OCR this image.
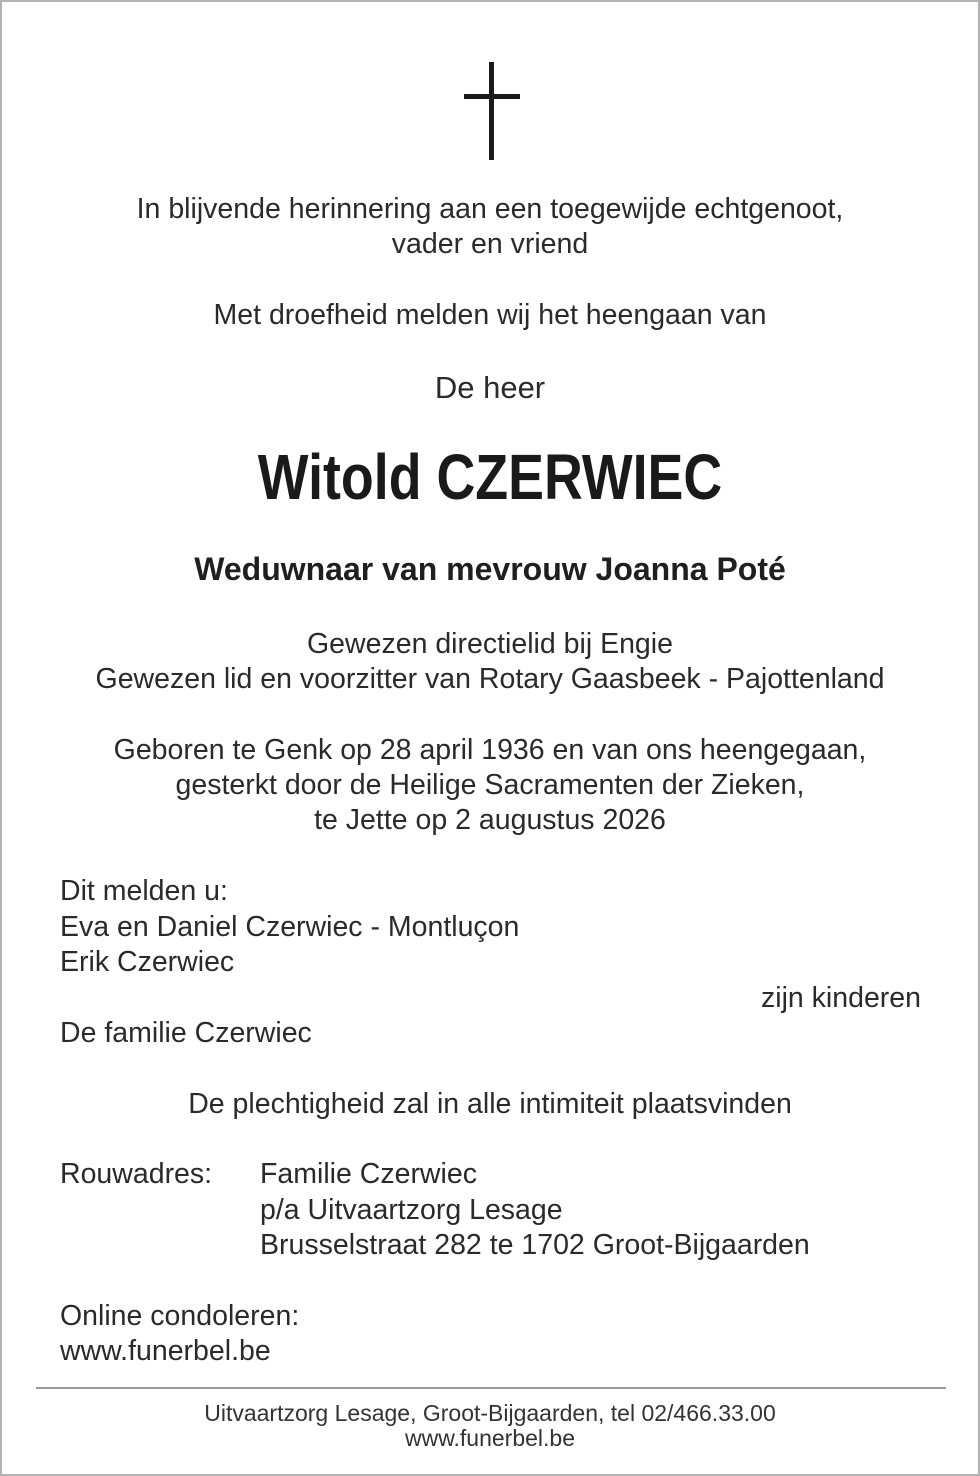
In blijvende herinnering aan een toegewijde echtgenoot,
vader en vriend
Met droefheid melden wij het heengaan van
De heer
Witold CZERWIEC
Weduwnaar van mevrouw Joanna Poté
Gewezen directielid bij Engie
Gewezen lid en voorzitter van Rotary Gaasbeek - Pajottenland
Geboren te Genk op 28 april 1936 en van ons heengegaan,
gesterkt door de Heilige Sacramenten der Zieken,
te Jette op 2 augustus 2026
Dit melden u:
Eva en Daniel Czerwiec - Montluçon
Erik Czerwiec
zijn kinderen
De familie Czerwiec
De plechtigheid zal in alle intimiteit plaatsvinden
Rouwadres: Familie Czerwiec
p/a Uitvaartzorg Lesage
Brusselstraat 282 te 1702 Groot-Bijgaarden
Online condoleren:
www.funerbel.be
Uitvaartzorg Lesage, Groot-Bijgaarden, tel 02/466.33.00
www.funerbel.be
